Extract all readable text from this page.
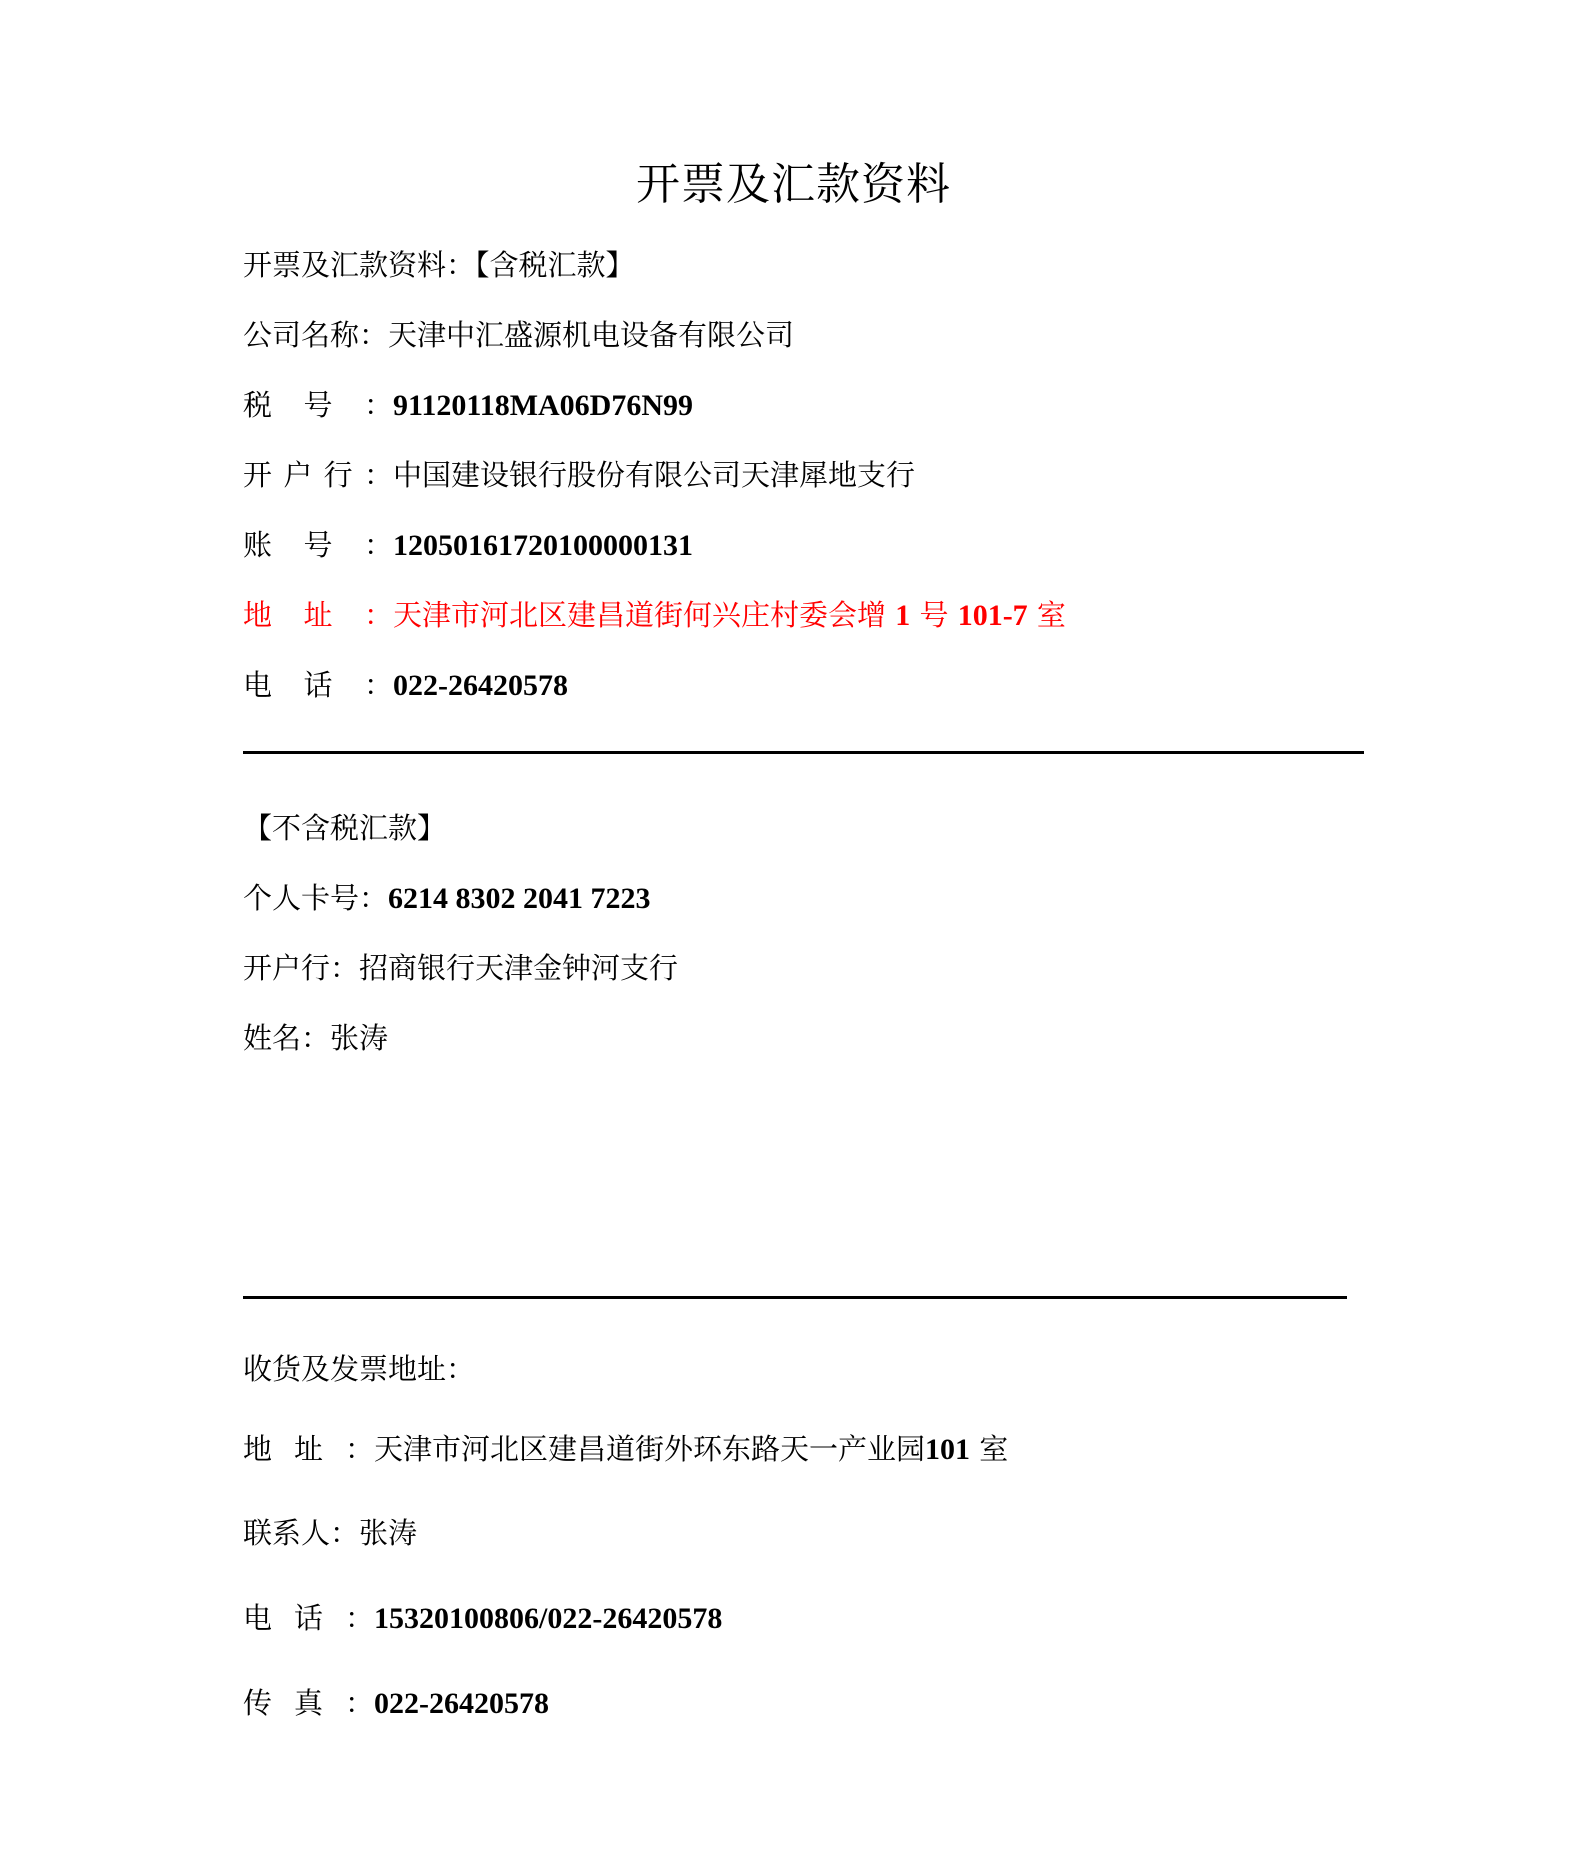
开票及汇款资料
开票及汇款资料：【含税汇款】
公司名称：天津中汇盛源机电设备有限公司
税号：91120118MA06D76N99
开户行：中国建设银行股份有限公司天津犀地支行
账号：12050161720100000131
地址：天津市河北区建昌道街何兴庄村委会增 1 号 101-7 室
电话：022-26420578
【不含税汇款】
个人卡号：6214 8302 2041 7223
开户行：招商银行天津金钟河支行
姓名：张涛
收货及发票地址：
地址：天津市河北区建昌道街外环东路天一产业园101 室
联系人：张涛
电话：15320100806/022-26420578
传真：022-26420578
